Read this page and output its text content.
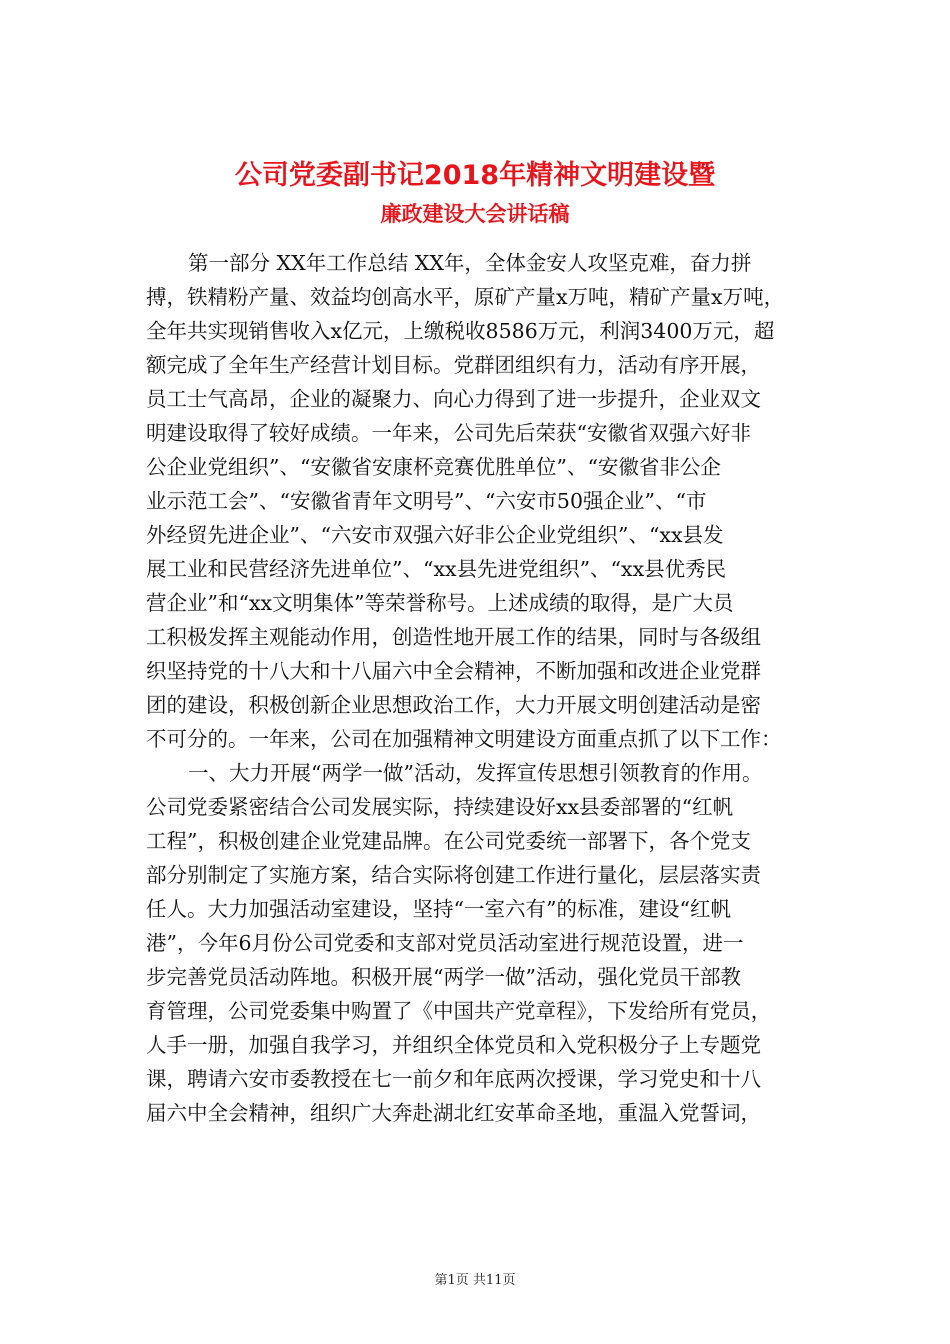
公司党委副书记2018年精神文明建设暨
廉政建设大会讲话稿
第一部分 XX年工作总结 XX年，全体金安人攻坚克难，奋力拼
搏，铁精粉产量、效益均创高水平，原矿产量x万吨，精矿产量x万吨，
全年共实现销售收入x亿元，上缴税收8586万元，利润3400万元，超
额完成了全年生产经营计划目标。党群团组织有力，活动有序开展，
员工士气高昂，企业的凝聚力、向心力得到了进一步提升，企业双文
明建设取得了较好成绩。一年来，公司先后荣获“安徽省双强六好非
公企业党组织”、“安徽省安康杯竞赛优胜单位”、“安徽省非公企
业示范工会”、“安徽省青年文明号”、“六安市50强企业”、“市
外经贸先进企业”、“六安市双强六好非公企业党组织”、“xx县发
展工业和民营经济先进单位”、“xx县先进党组织”、“xx县优秀民
营企业”和“xx文明集体”等荣誉称号。上述成绩的取得，是广大员
工积极发挥主观能动作用，创造性地开展工作的结果，同时与各级组
织坚持党的十八大和十八届六中全会精神，不断加强和改进企业党群
团的建设，积极创新企业思想政治工作，大力开展文明创建活动是密
不可分的。一年来，公司在加强精神文明建设方面重点抓了以下工作：
一、大力开展“两学一做”活动，发挥宣传思想引领教育的作用。
公司党委紧密结合公司发展实际，持续建设好xx县委部署的“红帆
工程”，积极创建企业党建品牌。在公司党委统一部署下，各个党支
部分别制定了实施方案，结合实际将创建工作进行量化，层层落实责
任人。大力加强活动室建设，坚持“一室六有”的标准，建设“红帆
港”，今年6月份公司党委和支部对党员活动室进行规范设置，进一
步完善党员活动阵地。积极开展“两学一做”活动，强化党员干部教
育管理，公司党委集中购置了《中国共产党章程》，下发给所有党员，
人手一册，加强自我学习，并组织全体党员和入党积极分子上专题党
课，聘请六安市委教授在七一前夕和年底两次授课，学习党史和十八
届六中全会精神，组织广大奔赴湖北红安革命圣地，重温入党誓词，
第1页 共11页
